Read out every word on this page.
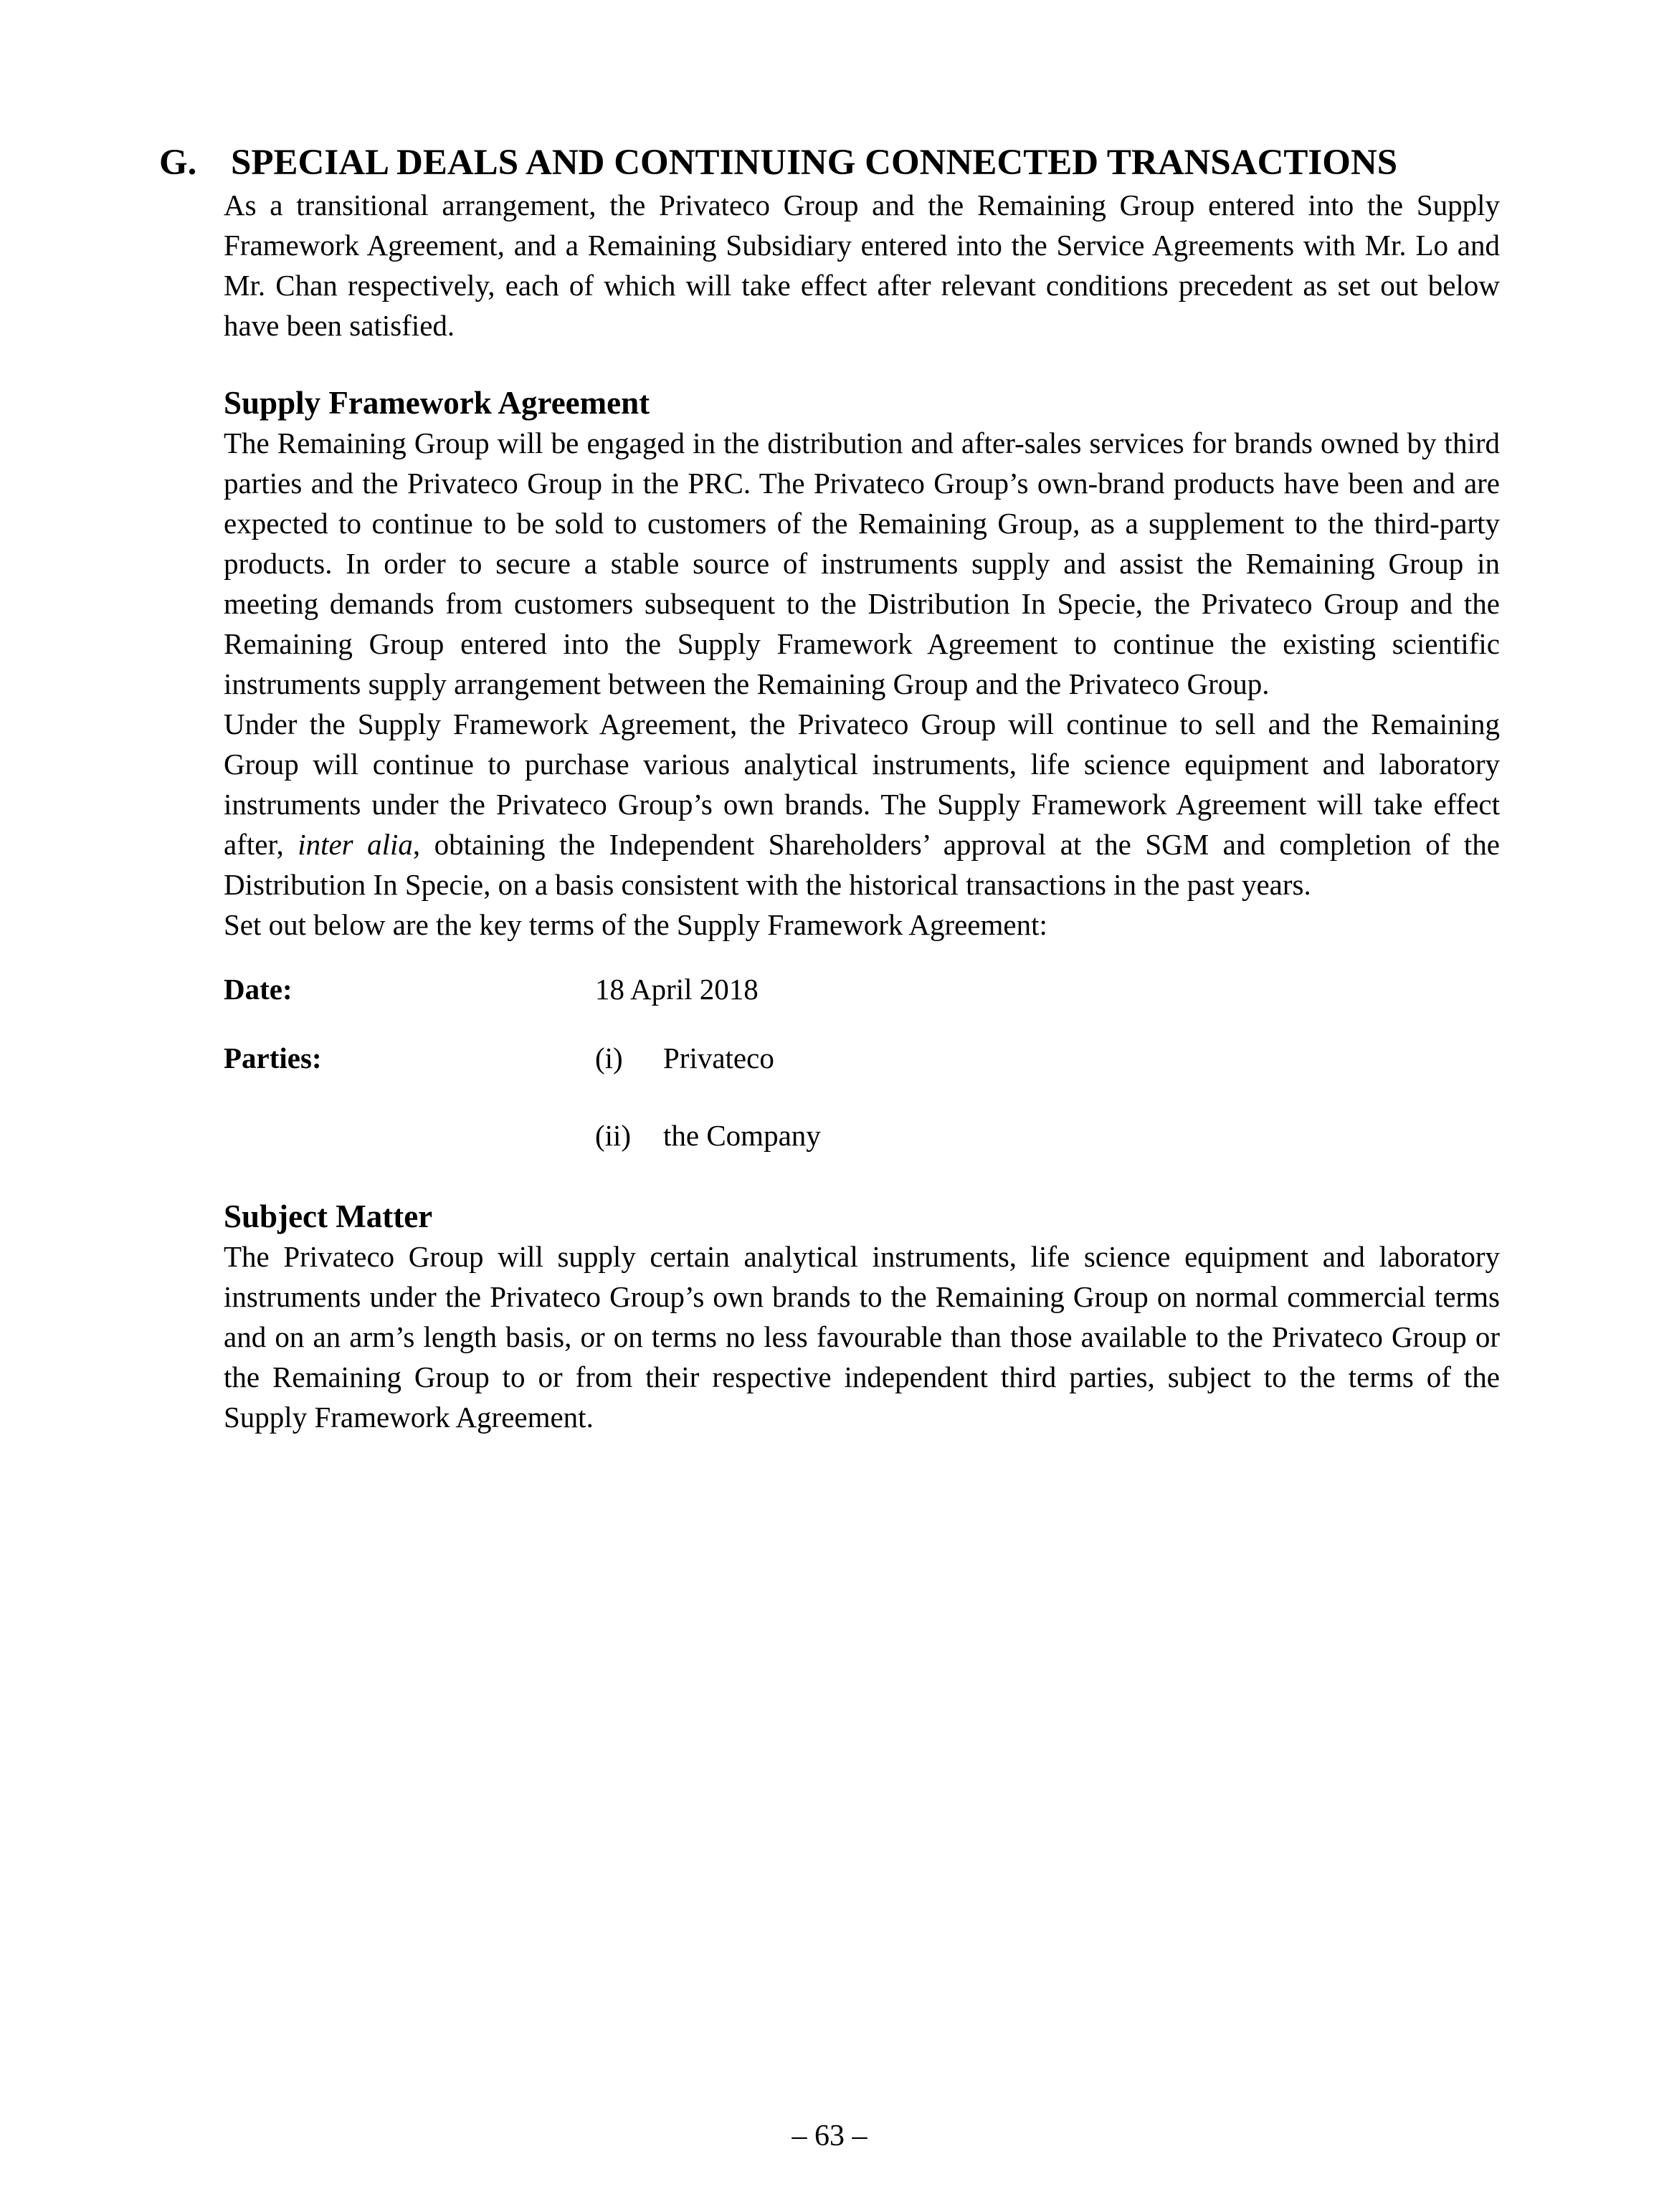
G. SPECIAL DEALS AND CONTINUING CONNECTED TRANSACTIONS

As a transitional arrangement, the Privateco Group and the Remaining Group entered into the Supply Framework Agreement, and a Remaining Subsidiary entered into the Service Agreements with Mr. Lo and Mr. Chan respectively, each of which will take effect after relevant conditions precedent as set out below have been satisfied.

Supply Framework Agreement

The Remaining Group will be engaged in the distribution and after-sales services for brands owned by third parties and the Privateco Group in the PRC. The Privateco Group’s own-brand products have been and are expected to continue to be sold to customers of the Remaining Group, as a supplement to the third-party products. In order to secure a stable source of instruments supply and assist the Remaining Group in meeting demands from customers subsequent to the Distribution In Specie, the Privateco Group and the Remaining Group entered into the Supply Framework Agreement to continue the existing scientific instruments supply arrangement between the Remaining Group and the Privateco Group.

Under the Supply Framework Agreement, the Privateco Group will continue to sell and the Remaining Group will continue to purchase various analytical instruments, life science equipment and laboratory instruments under the Privateco Group’s own brands. The Supply Framework Agreement will take effect after, inter alia, obtaining the Independent Shareholders’ approval at the SGM and completion of the Distribution In Specie, on a basis consistent with the historical transactions in the past years.

Set out below are the key terms of the Supply Framework Agreement:

Date:	18 April 2018
Parties:	(i) Privateco
(ii) the Company
Subject Matter

The Privateco Group will supply certain analytical instruments, life science equipment and laboratory instruments under the Privateco Group’s own brands to the Remaining Group on normal commercial terms and on an arm’s length basis, or on terms no less favourable than those available to the Privateco Group or the Remaining Group to or from their respective independent third parties, subject to the terms of the Supply Framework Agreement.

– 63 –
